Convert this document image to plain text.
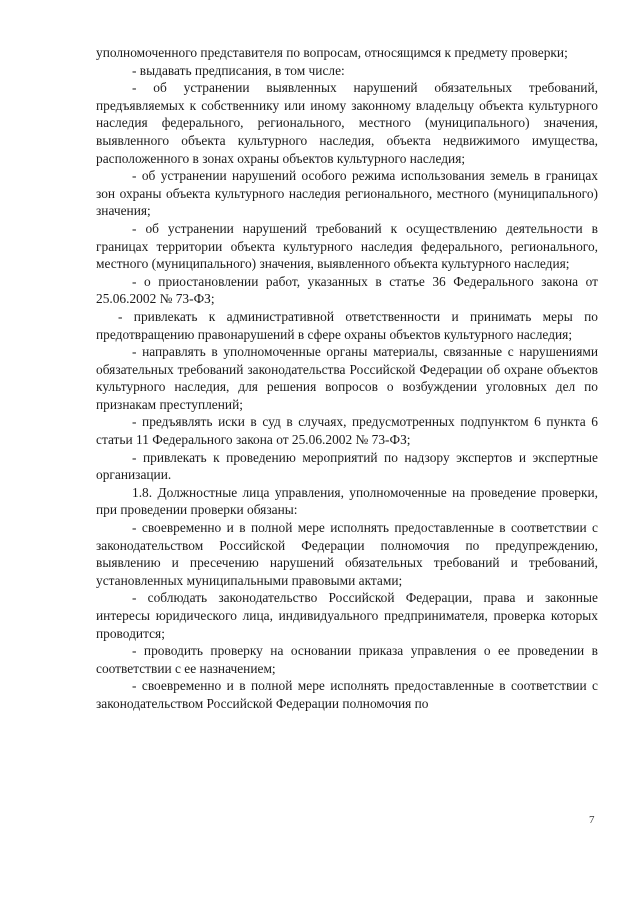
уполномоченного представителя по вопросам, относящимся к предмету проверки;

- выдавать предписания, в том числе:

- об устранении выявленных нарушений обязательных требований, предъявляемых к собственнику или иному законному владельцу объекта культурного наследия федерального, регионального, местного (муниципального) значения, выявленного объекта культурного наследия, объекта недвижимого имущества, расположенного в зонах охраны объектов культурного наследия;

- об устранении нарушений особого режима использования земель в границах зон охраны объекта культурного наследия регионального, местного (муниципального) значения;

- об устранении нарушений требований к осуществлению деятельности в границах территории объекта культурного наследия федерального, регионального, местного (муниципального) значения, выявленного объекта культурного наследия;

- о приостановлении работ, указанных в статье 36 Федерального закона от 25.06.2002 № 73-ФЗ;

- привлекать к административной ответственности и принимать меры по предотвращению правонарушений в сфере охраны объектов культурного наследия;

- направлять в уполномоченные органы материалы, связанные с нарушениями обязательных требований законодательства Российской Федерации об охране объектов культурного наследия, для решения вопросов о возбуждении уголовных дел по признакам преступлений;

- предъявлять иски в суд в случаях, предусмотренных подпунктом 6 пункта 6 статьи 11 Федерального закона от 25.06.2002 № 73-ФЗ;

- привлекать к проведению мероприятий по надзору экспертов и экспертные организации.

1.8. Должностные лица управления, уполномоченные на проведение проверки, при проведении проверки обязаны:

- своевременно и в полной мере исполнять предоставленные в соответствии с законодательством Российской Федерации полномочия по предупреждению, выявлению и пресечению нарушений обязательных требований и требований, установленных муниципальными правовыми актами;

- соблюдать законодательство Российской Федерации, права и законные интересы юридического лица, индивидуального предпринимателя, проверка которых проводится;

- проводить проверку на основании приказа управления о ее проведении в соответствии с ее назначением;

- своевременно и в полной мере исполнять предоставленные в соответствии с законодательством Российской Федерации полномочия по

7
